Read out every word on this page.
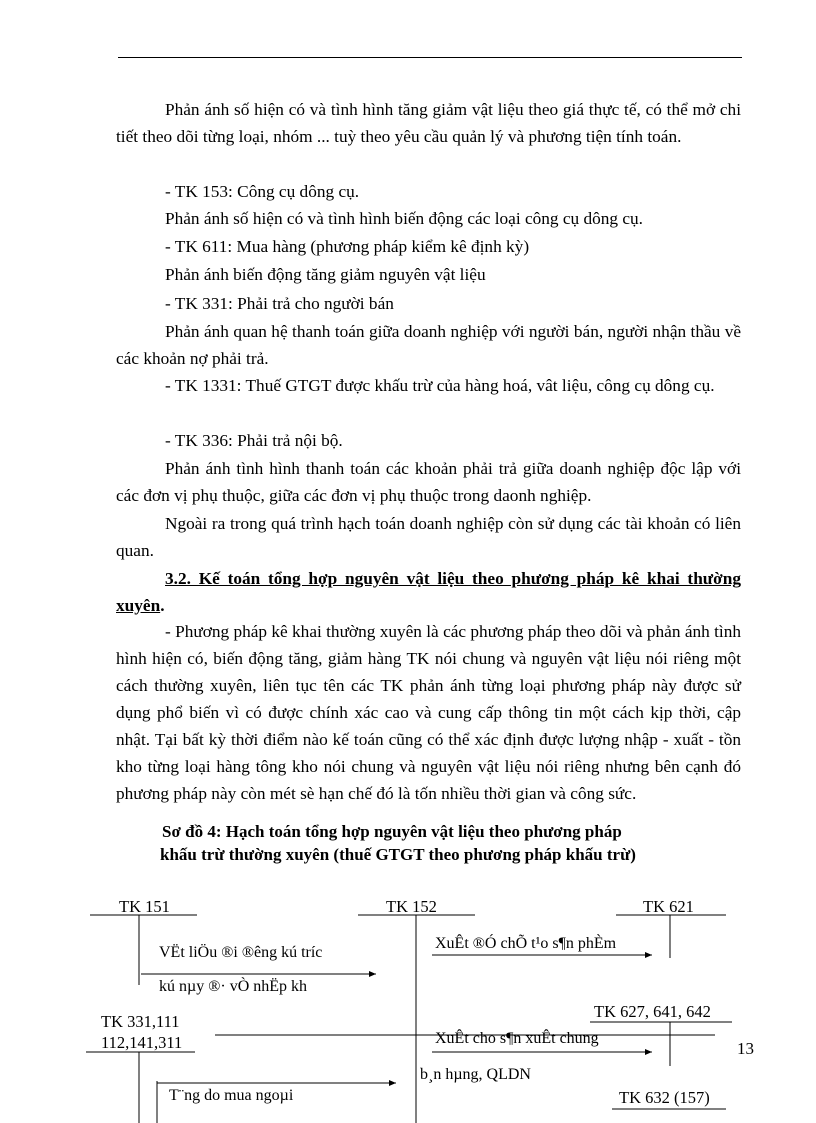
Phản ánh số hiện có và tình hình tăng giảm vật liệu theo giá thực tế, có thể mở chi tiết theo dõi từng loại, nhóm ... tuỳ theo yêu cầu quản lý và phương tiện tính toán.

- TK 153: Công cụ dông cụ.

Phản ánh số hiện có và tình hình biến động các loại công cụ dông cụ.

- TK 611: Mua hàng (phương pháp kiểm kê định kỳ)

Phản ánh biến động tăng giảm nguyên vật liệu

- TK 331: Phải trả cho người bán

Phản ánh quan hệ thanh toán giữa doanh nghiệp với người bán, người nhận thầu về các khoản nợ phải trả.

- TK 1331: Thuế GTGT được khấu trừ của hàng hoá, vât liệu, công cụ dông cụ.

- TK 336: Phải trả nội bộ.

Phản ánh tình hình thanh toán các khoản phải trả giữa doanh nghiệp độc lập với các đơn vị phụ thuộc, giữa các đơn vị phụ thuộc trong daonh nghiệp.

Ngoài ra trong quá trình hạch toán doanh nghiệp còn sử dụng các tài khoản có liên quan.

3.2. Kế toán tổng hợp nguyên vật liệu theo phương pháp kê khai thường xuyên.

- Phương pháp kê khai thường xuyên là các phương pháp theo dõi và phản ánh tình hình hiện có, biến động tăng, giảm hàng TK nói chung và nguyên vật liệu nói riêng một cách thường xuyên, liên tục tên các TK phản ánh từng loại phương pháp này được sử dụng phổ biến vì có được chính xác cao và cung cấp thông tin một cách kịp thời, cập nhật. Tại bất kỳ thời điểm nào kế toán cũng có thể xác định được lượng nhập - xuất - tồn kho từng loại hàng tông kho nói chung và nguyên vật liệu nói riêng nhưng bên cạnh đó phương pháp này còn mét sè hạn chế đó là tốn nhiều thời gian và công sức.

Sơ đồ 4: Hạch toán tổng hợp nguyên vật liệu theo phương pháp
khấu trừ thường xuyên (thuế GTGT theo phương pháp khấu trừ)
TK 151	TK 152	TK 621
TK 627, 641, 642
TK 331,111
112,141,311
TK 632 (157)
VËt liÖu ®i ®êng kú tríc
kú nµy ®· vÒ nhËp kh
XuÊt ®Ó chÕ t¹o s¶n phÈm
XuÊt cho s¶n xuÊt chung
b¸n hµng, QLDN
T¨ng do mua ngoµi
13
